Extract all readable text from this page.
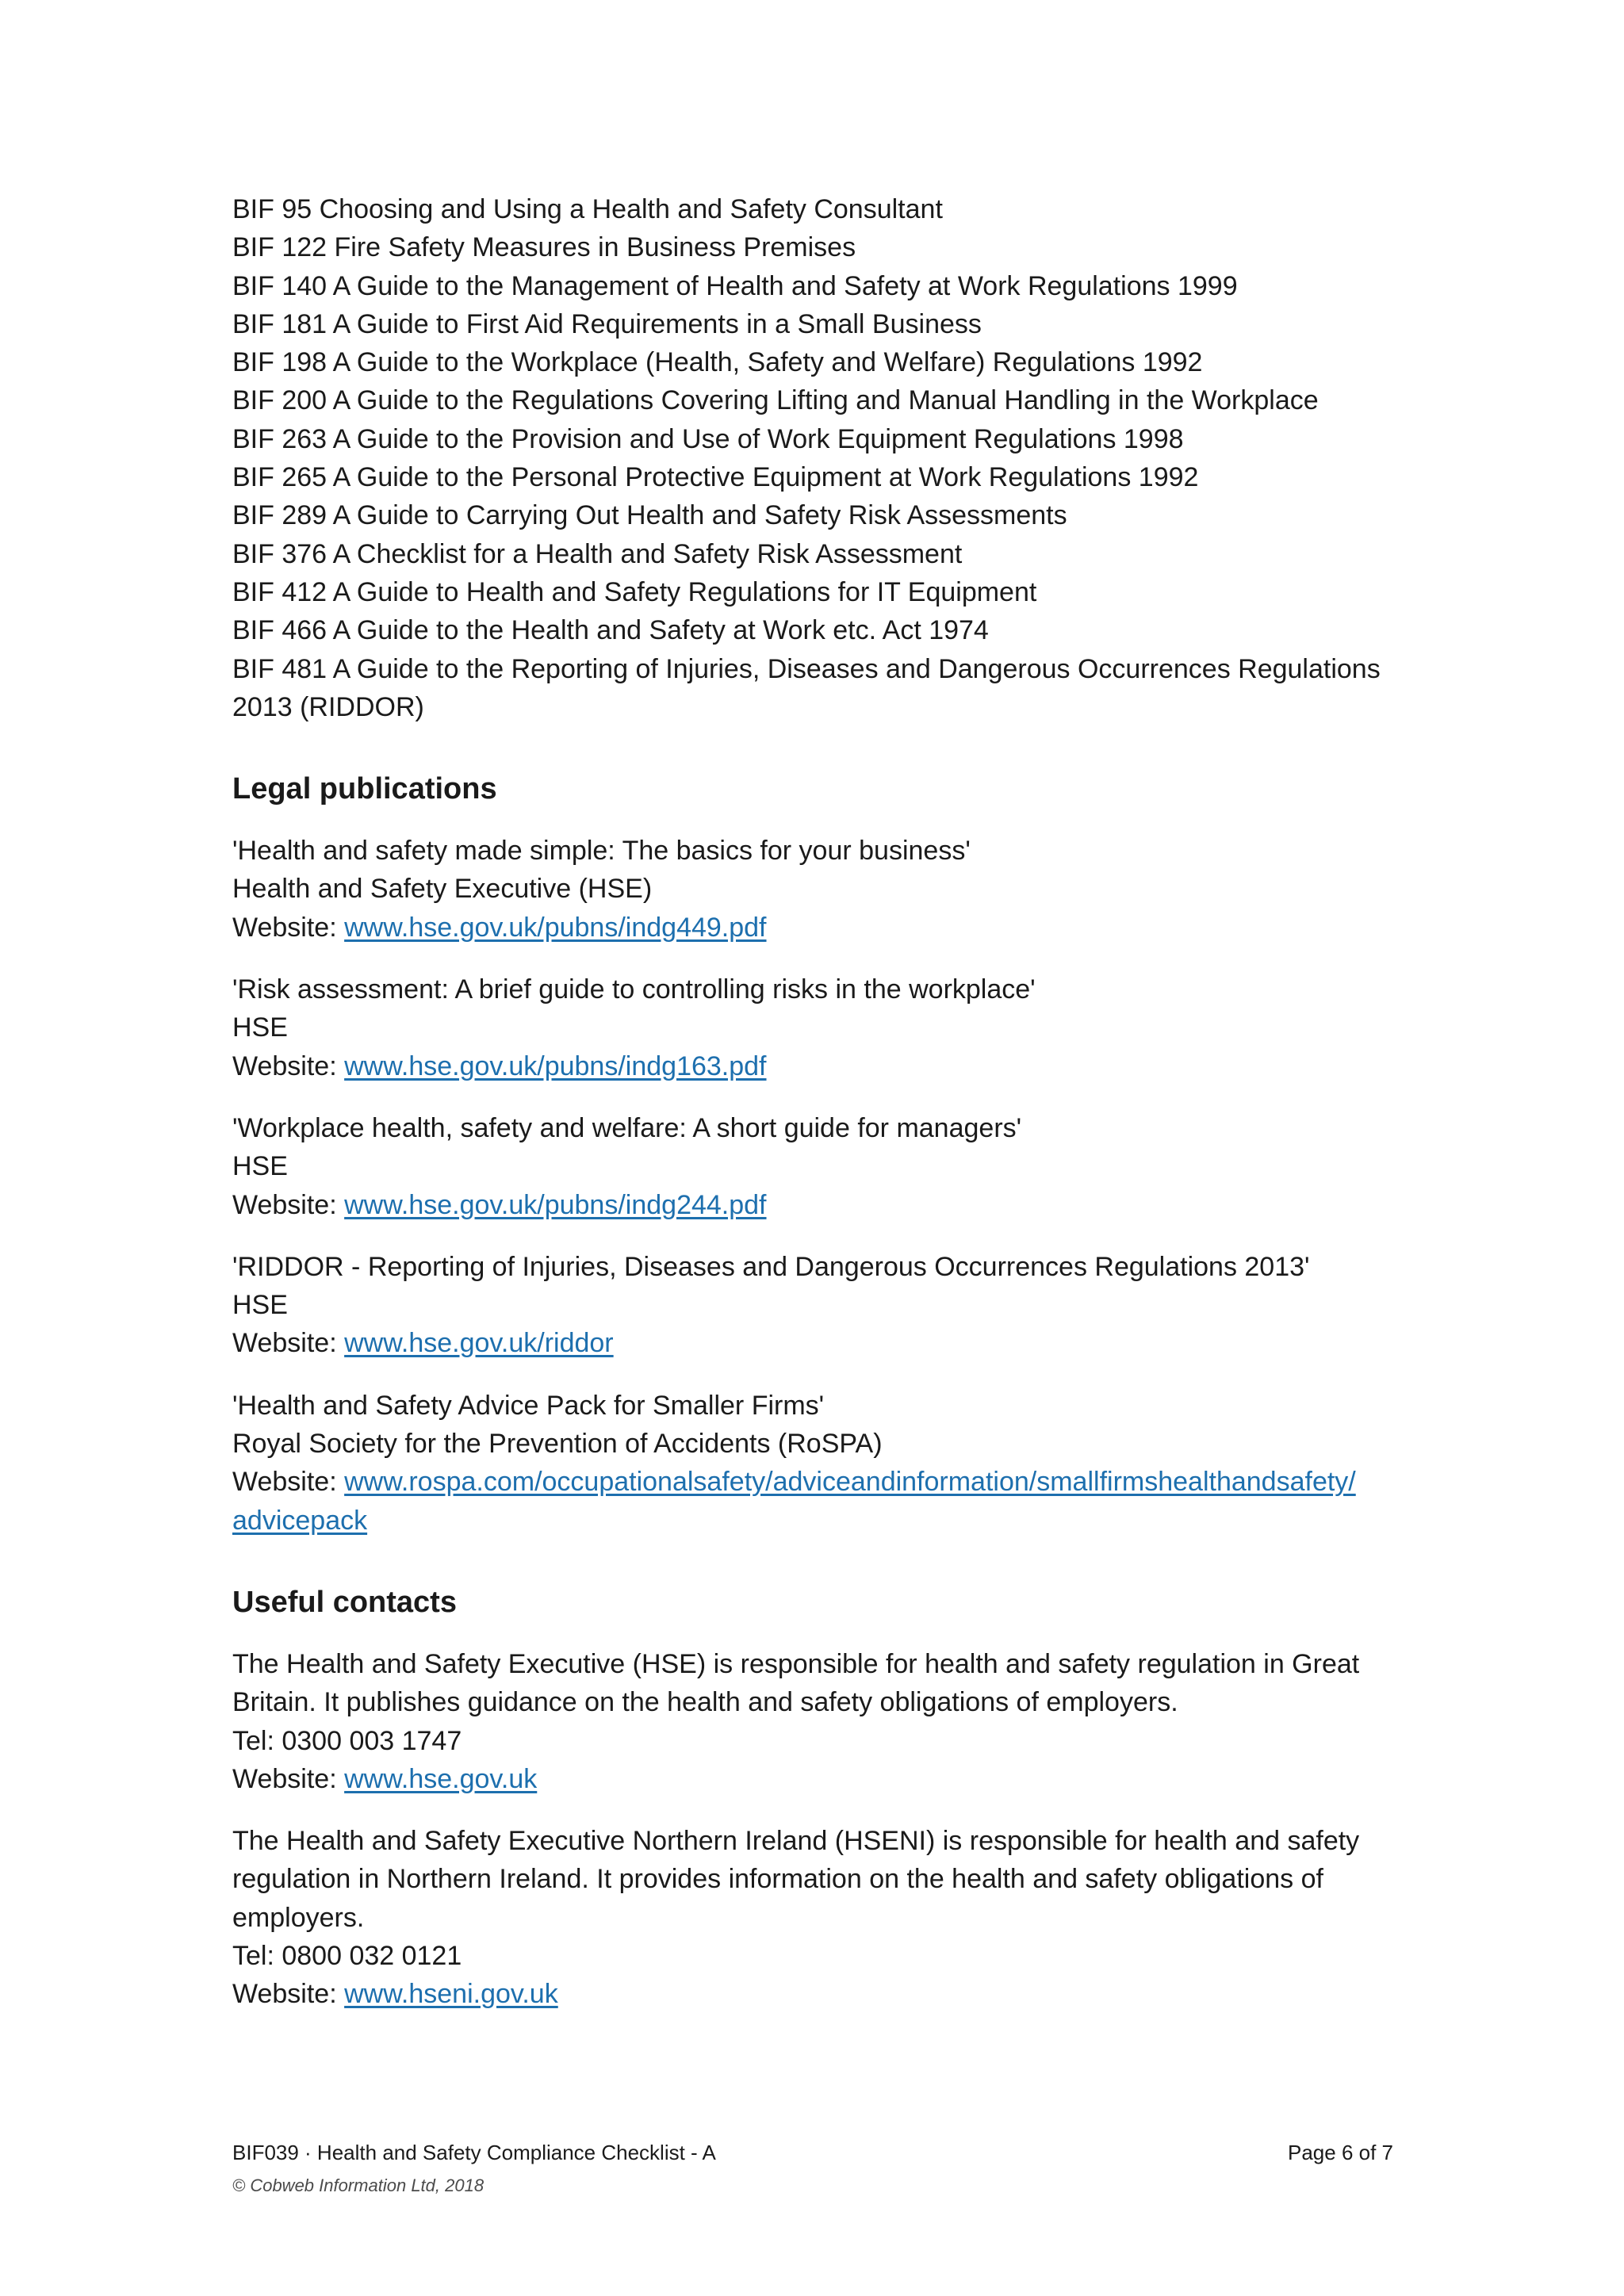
BIF 95 Choosing and Using a Health and Safety Consultant
BIF 122 Fire Safety Measures in Business Premises
BIF 140 A Guide to the Management of Health and Safety at Work Regulations 1999
BIF 181 A Guide to First Aid Requirements in a Small Business
BIF 198 A Guide to the Workplace (Health, Safety and Welfare) Regulations 1992
BIF 200 A Guide to the Regulations Covering Lifting and Manual Handling in the Workplace
BIF 263 A Guide to the Provision and Use of Work Equipment Regulations 1998
BIF 265 A Guide to the Personal Protective Equipment at Work Regulations 1992
BIF 289 A Guide to Carrying Out Health and Safety Risk Assessments
BIF 376 A Checklist for a Health and Safety Risk Assessment
BIF 412 A Guide to Health and Safety Regulations for IT Equipment
BIF 466 A Guide to the Health and Safety at Work etc. Act 1974
BIF 481 A Guide to the Reporting of Injuries, Diseases and Dangerous Occurrences Regulations 2013 (RIDDOR)
Legal publications
'Health and safety made simple: The basics for your business'
Health and Safety Executive (HSE)
Website: www.hse.gov.uk/pubns/indg449.pdf
'Risk assessment: A brief guide to controlling risks in the workplace'
HSE
Website: www.hse.gov.uk/pubns/indg163.pdf
'Workplace health, safety and welfare: A short guide for managers'
HSE
Website: www.hse.gov.uk/pubns/indg244.pdf
'RIDDOR - Reporting of Injuries, Diseases and Dangerous Occurrences Regulations 2013'
HSE
Website: www.hse.gov.uk/riddor
'Health and Safety Advice Pack for Smaller Firms'
Royal Society for the Prevention of Accidents (RoSPA)
Website: www.rospa.com/occupationalsafety/adviceandinformation/smallfirmshealthandsafety/
advicepack
Useful contacts
The Health and Safety Executive (HSE) is responsible for health and safety regulation in Great
Britain. It publishes guidance on the health and safety obligations of employers.
Tel: 0300 003 1747
Website: www.hse.gov.uk
The Health and Safety Executive Northern Ireland (HSENI) is responsible for health and safety
regulation in Northern Ireland. It provides information on the health and safety obligations of
employers.
Tel: 0800 032 0121
Website: www.hseni.gov.uk
BIF039 · Health and Safety Compliance Checklist - A	Page 6 of 7
© Cobweb Information Ltd, 2018
